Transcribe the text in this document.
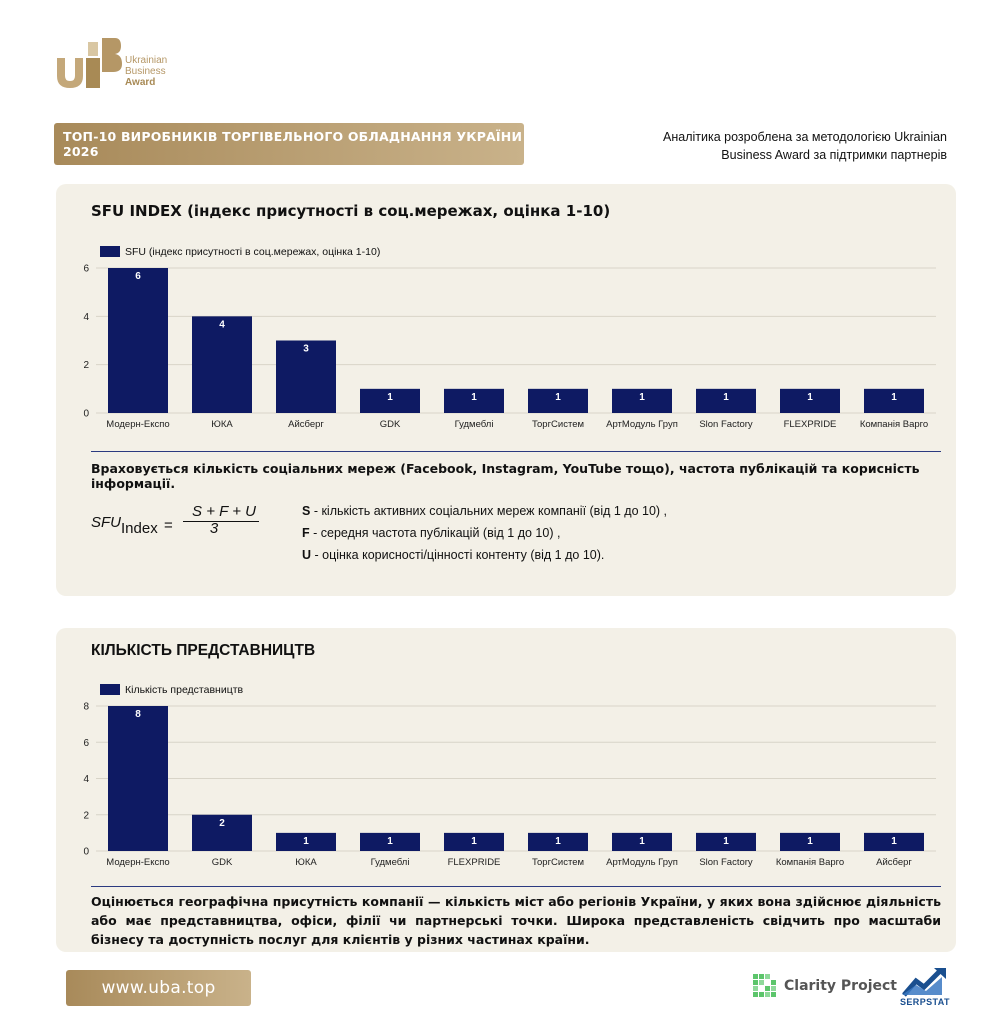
Ukrainian
Business
Award
ТОП-10 ВИРОБНИКІВ ТОРГІВЕЛЬНОГО ОБЛАДНАННЯ УКРАЇНИ 2026
Аналітика розроблена за методологією Ukrainian
Business Award за підтримки партнерів
SFU INDEX (індекс присутності в соц.мережах, оцінка 1-10)
SFU (індекс присутності в соц.мережах, оцінка 1-10)
0
2
4
6
6
Модерн-Експо
4
ЮКА
3
Айсберг
1
GDK
1
Гудмеблі
1
ТоргСистем
1
АртМодуль Груп
1
Slon Factory
1
FLEXPRIDE
1
Компанія Варго
Враховується кількість соціальних мереж (Facebook, Instagram, YouTube тощо), частота публікацій та корисність інформації.
SFU Index =
S + F + U
3
S - кількість активних соціальних мереж компанії (від 1 до 10) ,
F - середня частота публікацій (від 1 до 10) ,
U - оцінка корисності/цінності контенту (від 1 до 10).
КІЛЬКІСТЬ ПРЕДСТАВНИЦТВ
Кількість представництв
0
2
4
6
8
8
Модерн-Експо
2
GDK
1
ЮКА
1
Гудмеблі
1
FLEXPRIDE
1
ТоргСистем
1
АртМодуль Груп
1
Slon Factory
1
Компанія Варго
1
Айсберг
Оцінюється географічна присутність компанії — кількість міст або регіонів України, у яких вона здійснює діяльність або має представництва, офіси, філії чи партнерські точки. Широка представленість свідчить про масштаби бізнесу та доступність послуг для клієнтів у різних частинах країни.
www.uba.top	Clarity Project
SERPSTAT
